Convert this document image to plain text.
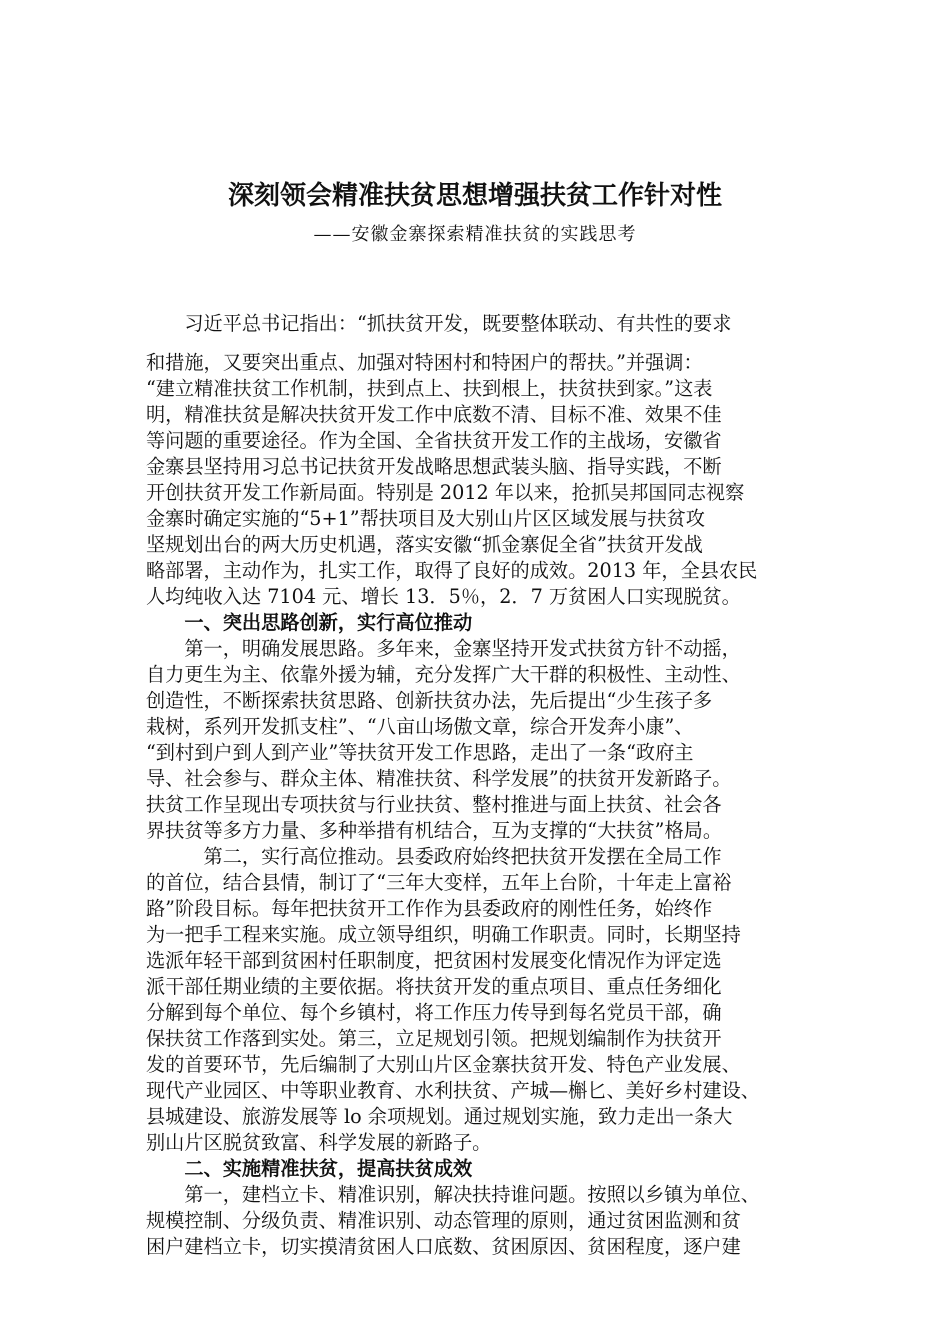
深刻领会精准扶贫思想增强扶贫工作针对性
——安徽金寨探索精准扶贫的实践思考
　　习近平总书记指出：“抓扶贫开发，既要整体联动、有共性的要求
和措施，又要突出重点、加强对特困村和特困户的帮扶。”并强调：
“建立精准扶贫工作机制，扶到点上、扶到根上，扶贫扶到家。”这表
明，精准扶贫是解决扶贫开发工作中底数不清、目标不准、效果不佳
等问题的重要途径。作为全国、全省扶贫开发工作的主战场，安徽省
金寨县坚持用习总书记扶贫开发战略思想武装头脑、指导实践，不断
开创扶贫开发工作新局面。特别是 2012 年以来，抢抓吴邦国同志视察
金寨时确定实施的“5+1”帮扶项目及大别山片区区域发展与扶贫攻
坚规划出台的两大历史机遇，落实安徽“抓金寨促全省”扶贫开发战
略部署，主动作为，扎实工作，取得了良好的成效。2013 年，全县农民
人均纯收入达 7104 元、增长 13．5％，2．7 万贫困人口实现脱贫。
　　一、突出思路创新，实行高位推动
　　第一，明确发展思路。多年来，金寨坚持开发式扶贫方针不动摇，
自力更生为主、依靠外援为辅，充分发挥广大干群的积极性、主动性、
创造性，不断探索扶贫思路、创新扶贫办法，先后提出“少生孩子多
栽树，系列开发抓支柱”、“八亩山场傲文章，综合开发奔小康”、
“到村到户到人到产业”等扶贫开发工作思路，走出了一条“政府主
导、社会参与、群众主体、精准扶贫、科学发展”的扶贫开发新路子。
扶贫工作呈现出专项扶贫与行业扶贫、整村推进与面上扶贫、社会各
界扶贫等多方力量、多种举措有机结合，互为支撑的“大扶贫”格局。
　　　第二，实行高位推动。县委政府始终把扶贫开发摆在全局工作
的首位，结合县情，制订了“三年大变样，五年上台阶，十年走上富裕
路”阶段目标。每年把扶贫开工作作为县委政府的刚性任务，始终作
为一把手工程来实施。成立领导组织，明确工作职责。同时，长期坚持
选派年轻干部到贫困村任职制度，把贫困村发展变化情况作为评定选
派干部任期业绩的主要依据。将扶贫开发的重点项目、重点任务细化
分解到每个单位、每个乡镇村，将工作压力传导到每名党员干部，确
保扶贫工作落到实处。第三，立足规划引领。把规划编制作为扶贫开
发的首要环节，先后编制了大别山片区金寨扶贫开发、特色产业发展、
现代产业园区、中等职业教育、水利扶贫、产城—槲匕、美好乡村建设、
县城建设、旅游发展等 lo 余项规划。通过规划实施，致力走出一条大
别山片区脱贫致富、科学发展的新路子。
　　二、实施精准扶贫，提高扶贫成效
　　第一，建档立卡、精准识别，解决扶持谁问题。按照以乡镇为单位、
规模控制、分级负责、精准识别、动态管理的原则，通过贫困监测和贫
困户建档立卡，切实摸清贫困人口底数、贫困原因、贫困程度，逐户建
